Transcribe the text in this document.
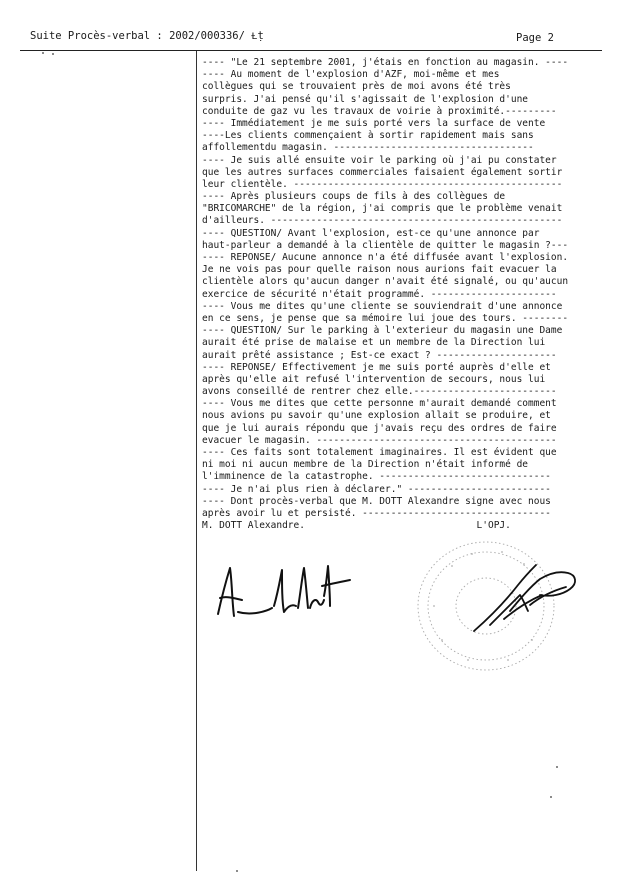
Suite Procès-verbal : 2002/000336/ Ɫṭ	Page 2
---- "Le 21 septembre 2001, j'étais en fonction au magasin. ----
---- Au moment de l'explosion d'AZF, moi-même et mes
collègues qui se trouvaient près de moi avons été très
surpris. J'ai pensé qu'il s'agissait de l'explosion d'une
conduite de gaz vu les travaux de voirie à proximité.---------
---- Immédiatement je me suis porté vers la surface de vente
----Les clients commençaient à sortir rapidement mais sans
affollementdu magasin. -----------------------------------
---- Je suis allé ensuite voir le parking où j'ai pu constater
que les autres surfaces commerciales faisaient également sortir
leur clientèle. -----------------------------------------------
---- Après plusieurs coups de fils à des collègues de
"BRICOMARCHE" de la région, j'ai compris que le problème venait
d'ailleurs. ---------------------------------------------------
---- QUESTION/ Avant l'explosion, est-ce qu'une annonce par
haut-parleur a demandé à la clientèle de quitter le magasin ?---
---- REPONSE/ Aucune annonce n'a été diffusée avant l'explosion.
Je ne vois pas pour quelle raison nous aurions fait evacuer la
clientèle alors qu'aucun danger n'avait été signalé, ou qu'aucun
exercice de sécurité n'était programmé. ----------------------
---- Vous me dites qu'une cliente se souviendrait d'une annonce
en ce sens, je pense que sa mémoire lui joue des tours. --------
---- QUESTION/ Sur le parking à l'exterieur du magasin une Dame
aurait été prise de malaise et un membre de la Direction lui
aurait prêté assistance ; Est-ce exact ? ---------------------
---- REPONSE/ Effectivement je me suis porté auprès d'elle et
après qu'elle ait refusé l'intervention de secours, nous lui
avons conseillé de rentrer chez elle.-------------------------
---- Vous me dites que cette personne m'aurait demandé comment
nous avions pu savoir qu'une explosion allait se produire, et
que je lui aurais répondu que j'avais reçu des ordres de faire
evacuer le magasin. ------------------------------------------
---- Ces faits sont totalement imaginaires. Il est évident que
ni moi ni aucun membre de la Direction n'était informé de
l'imminence de la catastrophe. ------------------------------
---- Je n'ai plus rien à déclarer." -------------------------
---- Dont procès-verbal que M. DOTT Alexandre signe avec nous
après avoir lu et persisté. ---------------------------------
M. DOTT Alexandre.                              L'OPJ.
